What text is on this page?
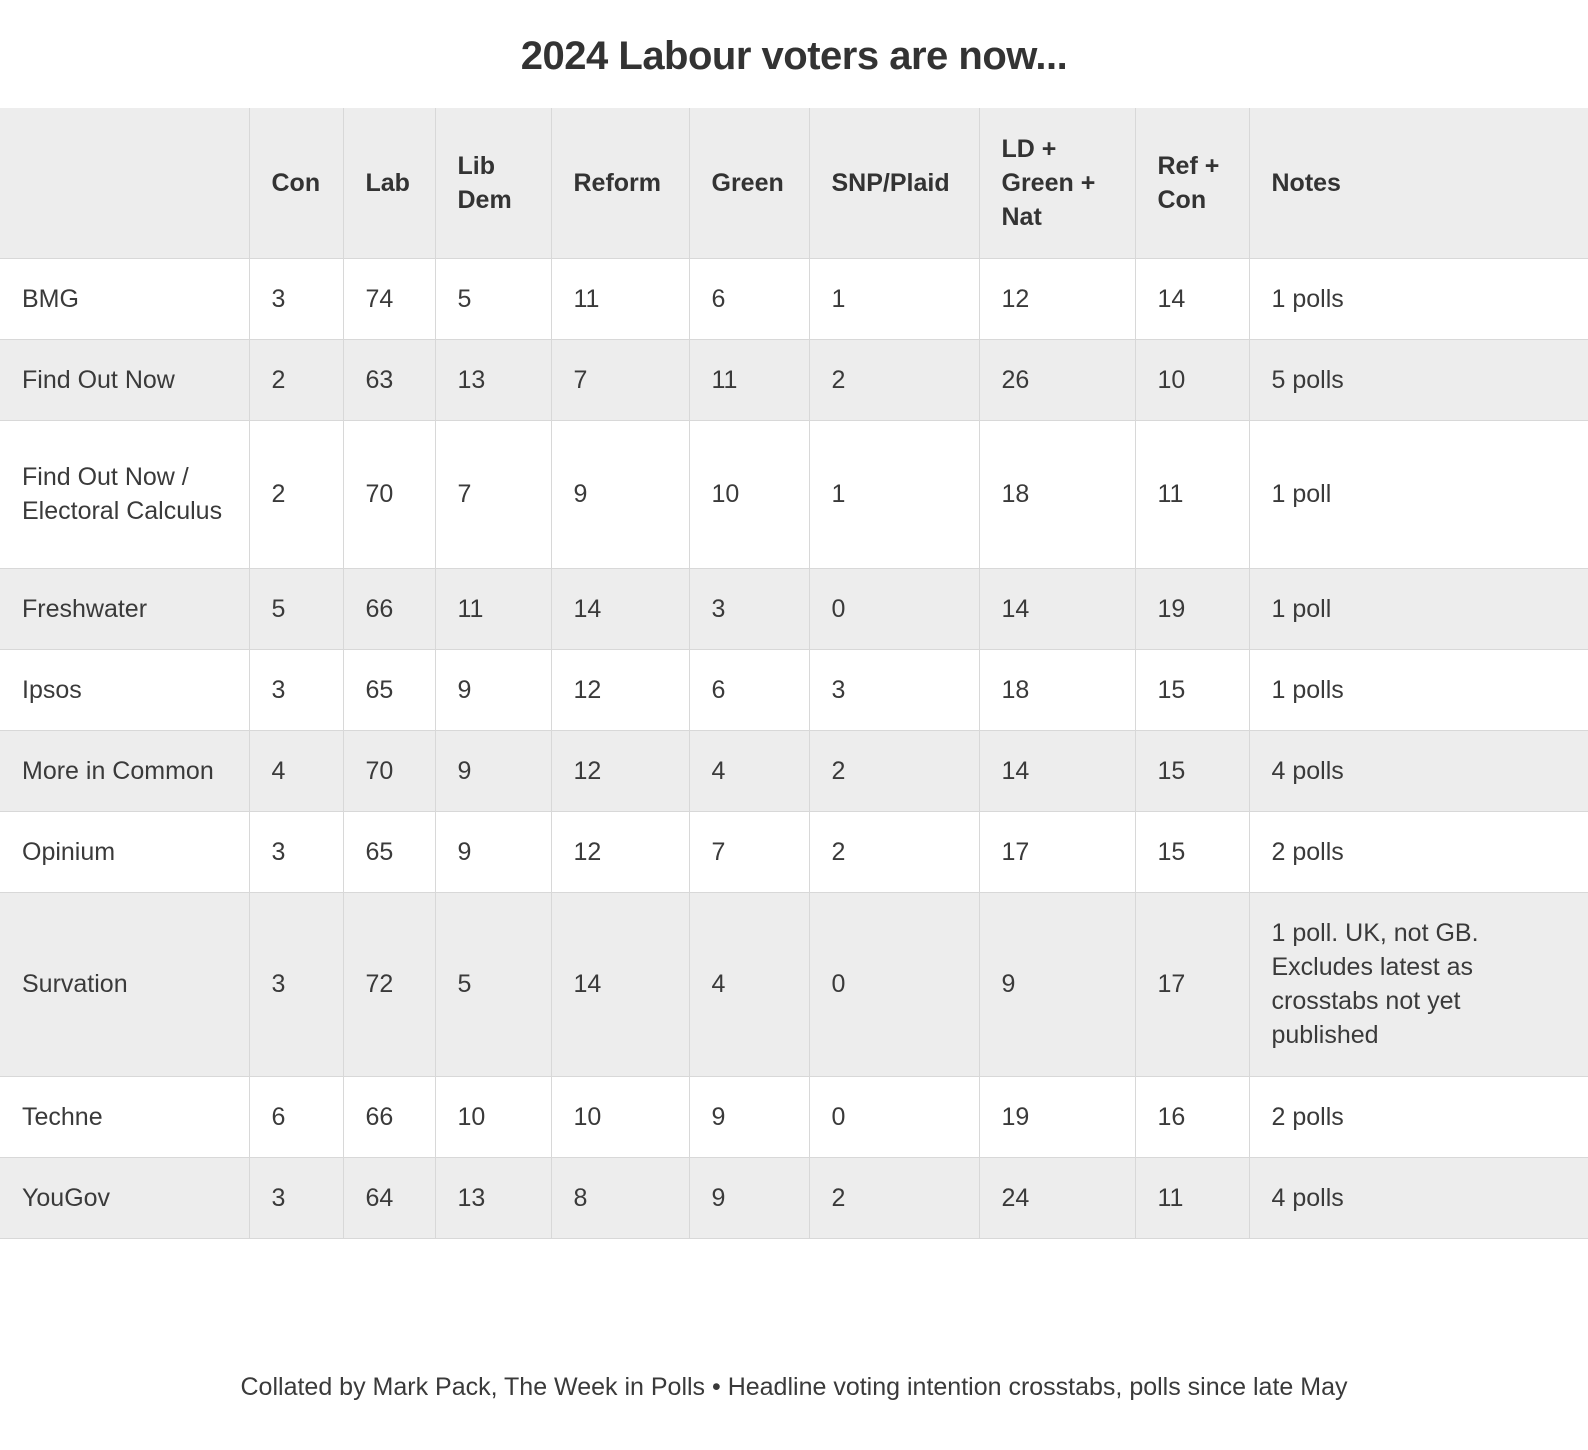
2024 Labour voters are now...
	Con	Lab	Lib Dem	Reform	Green	SNP/Plaid	LD + Green + Nat	Ref + Con	Notes
BMG	3	74	5	11	6	1	12	14	1 polls
Find Out Now	2	63	13	7	11	2	26	10	5 polls
Find Out Now / Electoral Calculus	2	70	7	9	10	1	18	11	1 poll
Freshwater	5	66	11	14	3	0	14	19	1 poll
Ipsos	3	65	9	12	6	3	18	15	1 polls
More in Common	4	70	9	12	4	2	14	15	4 polls
Opinium	3	65	9	12	7	2	17	15	2 polls
Survation	3	72	5	14	4	0	9	17	1 poll. UK, not GB. Excludes latest as crosstabs not yet published
Techne	6	66	10	10	9	0	19	16	2 polls
YouGov	3	64	13	8	9	2	24	11	4 polls
Collated by Mark Pack, The Week in Polls • Headline voting intention crosstabs, polls since late May
